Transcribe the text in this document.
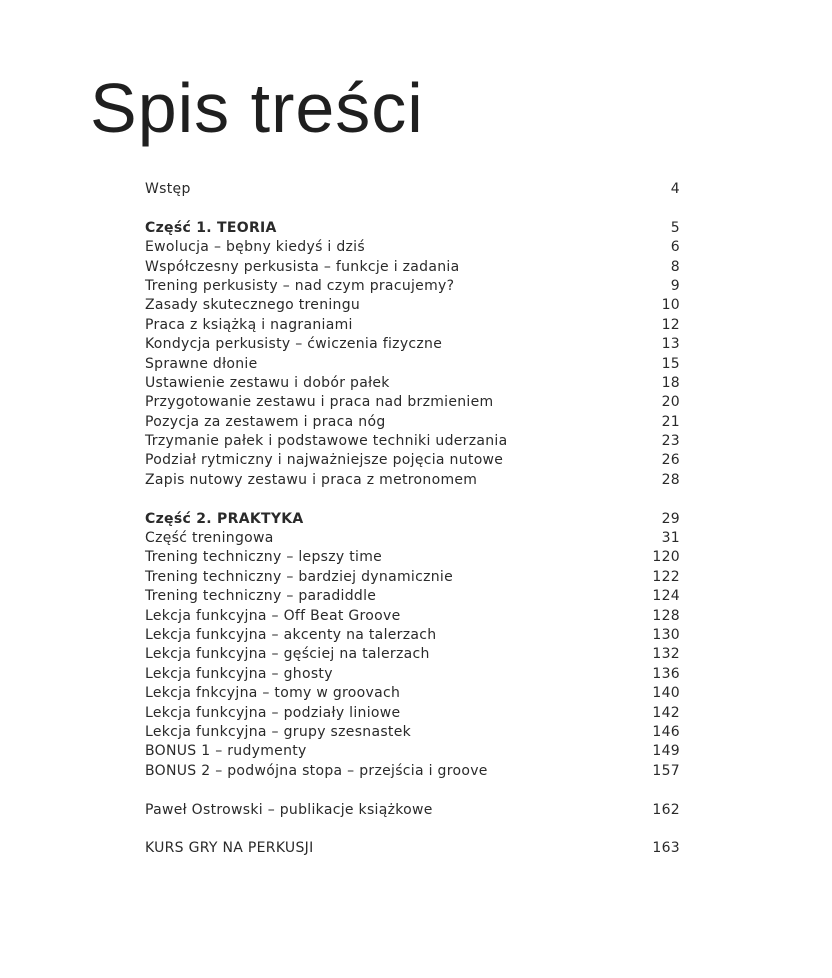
Spis treści
Wstęp	4
Część 1. TEORIA	5
Ewolucja – bębny kiedyś i dziś	6
Współczesny perkusista – funkcje i zadania	8
Trening perkusisty – nad czym pracujemy?	9
Zasady skutecznego treningu	10
Praca z książką i nagraniami	12
Kondycja perkusisty – ćwiczenia fizyczne	13
Sprawne dłonie	15
Ustawienie zestawu i dobór pałek	18
Przygotowanie zestawu i praca nad brzmieniem	20
Pozycja za zestawem i praca nóg	21
Trzymanie pałek i podstawowe techniki uderzania	23
Podział rytmiczny i najważniejsze pojęcia nutowe	26
Zapis nutowy zestawu i praca z metronomem	28
Część 2. PRAKTYKA	29
Część treningowa	31
Trening techniczny – lepszy time	120
Trening techniczny – bardziej dynamicznie	122
Trening techniczny – paradiddle	124
Lekcja funkcyjna – Off Beat Groove	128
Lekcja funkcyjna – akcenty na talerzach	130
Lekcja funkcyjna – gęściej na talerzach	132
Lekcja funkcyjna – ghosty	136
Lekcja fnkcyjna – tomy w groovach	140
Lekcja funkcyjna – podziały liniowe	142
Lekcja funkcyjna – grupy szesnastek	146
BONUS 1 – rudymenty	149
BONUS 2 – podwójna stopa – przejścia i groove	157
Paweł Ostrowski – publikacje książkowe	162
KURS GRY NA PERKUSJI	163
